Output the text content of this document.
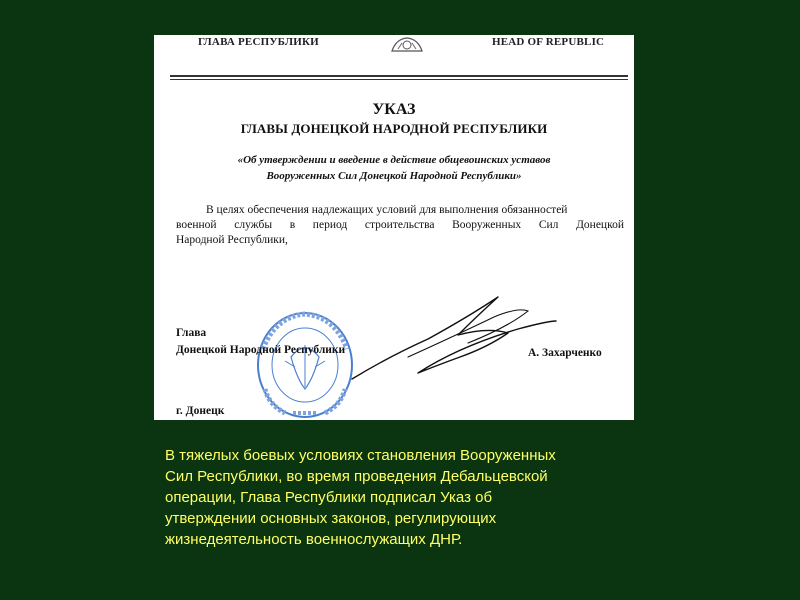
ГЛАВА РЕСПУБЛИКИ	HEAD OF REPUBLIC
УКАЗ
ГЛАВЫ ДОНЕЦКОЙ НАРОДНОЙ РЕСПУБЛИКИ
«Об утверждении и введение в действие общевоинских уставов
Вооруженных Сил Донецкой Народной Республики»
В целях обеспечения надлежащих условий для выполнения обязанностей
военной службы в период строительства Вооруженных Сил Донецкой
Народной Республики,
Глава
Донецкой Народной Республики	А. Захарченко
г. Донецк
В тяжелых боевых условиях становления Вооруженных
Сил Республики, во время проведения Дебальцевской
операции, Глава Республики подписал Указ об
утверждении основных законов, регулирующих
жизнедеятельность военнослужащих ДНР.
